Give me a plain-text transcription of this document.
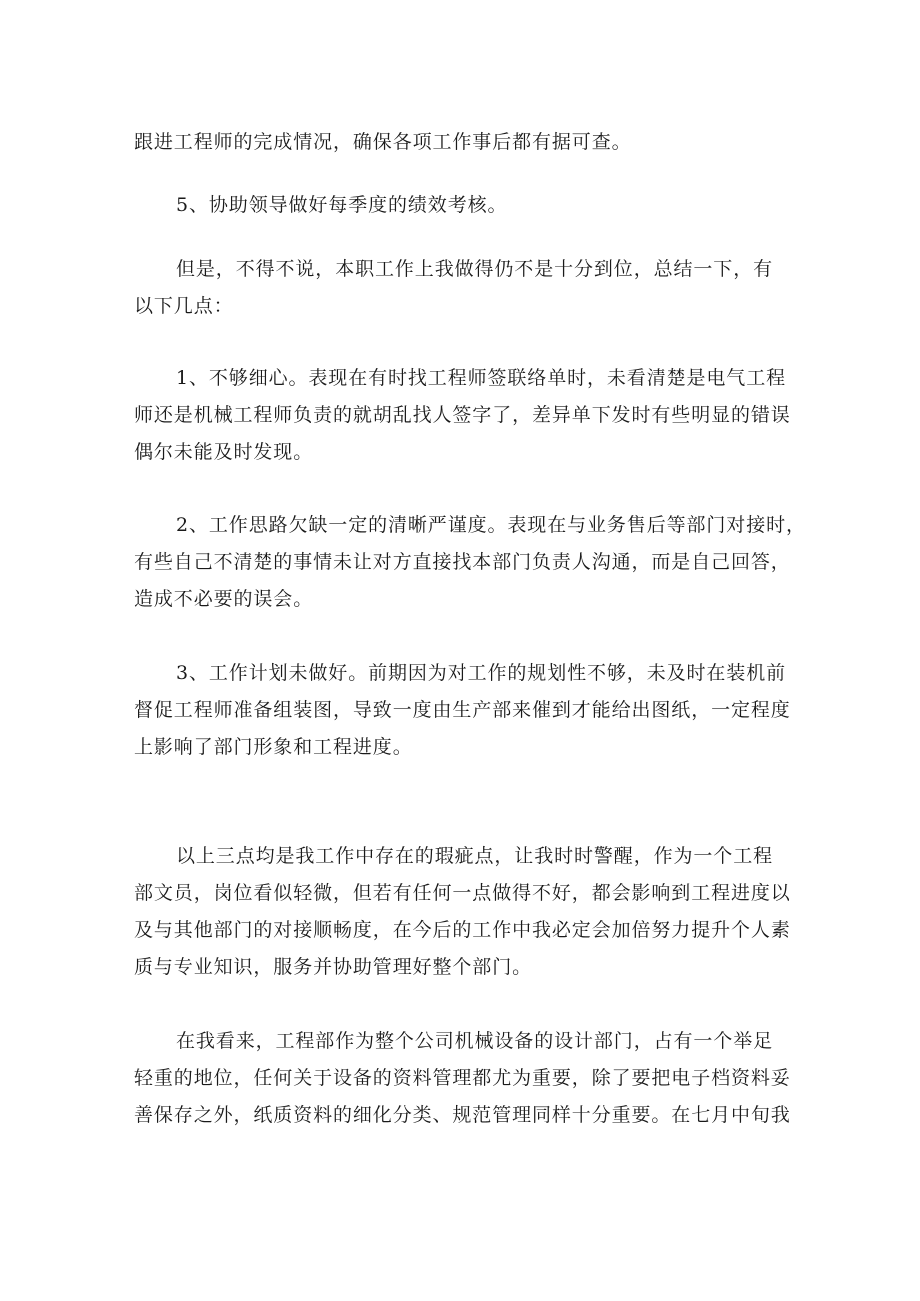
跟进工程师的完成情况，确保各项工作事后都有据可查。

5、协助领导做好每季度的绩效考核。

但是，不得不说，本职工作上我做得仍不是十分到位，总结一下，有
以下几点：

1、不够细心。表现在有时找工程师签联络单时，未看清楚是电气工程
师还是机械工程师负责的就胡乱找人签字了，差异单下发时有些明显的错误
偶尔未能及时发现。

2、工作思路欠缺一定的清晰严谨度。表现在与业务售后等部门对接时，
有些自己不清楚的事情未让对方直接找本部门负责人沟通，而是自己回答，
造成不必要的误会。

3、工作计划未做好。前期因为对工作的规划性不够，未及时在装机前
督促工程师准备组装图，导致一度由生产部来催到才能给出图纸，一定程度
上影响了部门形象和工程进度。

以上三点均是我工作中存在的瑕疵点，让我时时警醒，作为一个工程
部文员，岗位看似轻微，但若有任何一点做得不好，都会影响到工程进度以
及与其他部门的对接顺畅度，在今后的工作中我必定会加倍努力提升个人素
质与专业知识，服务并协助管理好整个部门。

在我看来，工程部作为整个公司机械设备的设计部门，占有一个举足
轻重的地位，任何关于设备的资料管理都尤为重要，除了要把电子档资料妥
善保存之外，纸质资料的细化分类、规范管理同样十分重要。在七月中旬我
